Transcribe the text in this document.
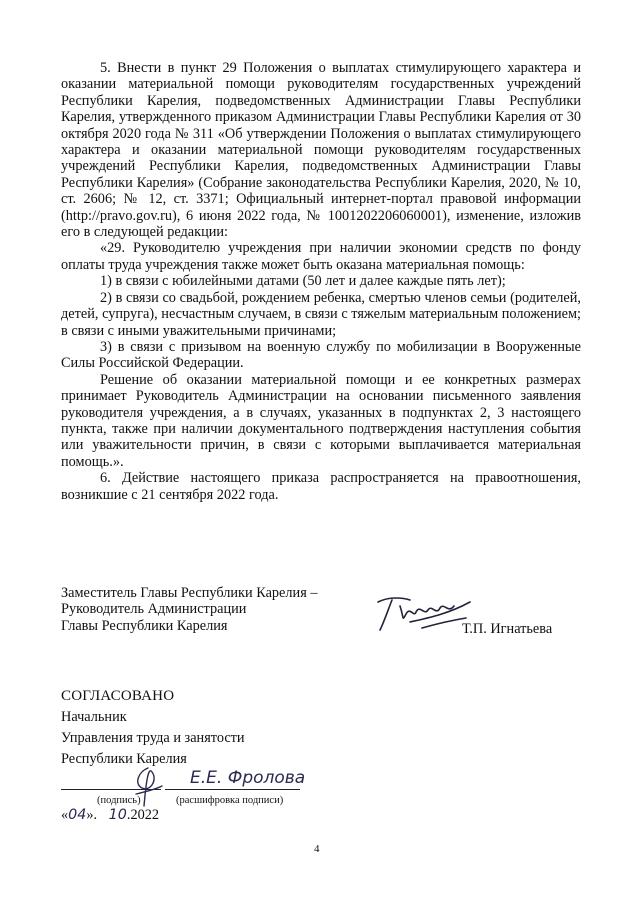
5. Внести в пункт 29 Положения о выплатах стимулирующего характера и оказании материальной помощи руководителям государственных учреждений Республики Карелия, подведомственных Администрации Главы Республики Карелия, утвержденного приказом Администрации Главы Республики Карелия от 30 октября 2020 года № 311 «Об утверждении Положения о выплатах стимулирующего характера и оказании материальной помощи руководителям государственных учреждений Республики Карелия, подведомственных Администрации Главы Республики Карелия» (Собрание законодательства Республики Карелия, 2020, № 10, ст. 2606; № 12, ст. 3371; Официальный интернет-портал правовой информации (http://pravo.gov.ru), 6 июня 2022 года, № 1001202206060001), изменение, изложив его в следующей редакции:

«29. Руководителю учреждения при наличии экономии средств по фонду оплаты труда учреждения также может быть оказана материальная помощь:

1) в связи с юбилейными датами (50 лет и далее каждые пять лет);

2) в связи со свадьбой, рождением ребенка, смертью членов семьи (родителей, детей, супруга), несчастным случаем, в связи с тяжелым материальным положением; в связи с иными уважительными причинами;

3) в связи с призывом на военную службу по мобилизации в Вооруженные Силы Российской Федерации.

Решение об оказании материальной помощи и ее конкретных размерах принимает Руководитель Администрации на основании письменного заявления руководителя учреждения, а в случаях, указанных в подпунктах 2, 3 настоящего пункта, также при наличии документального подтверждения наступления события или уважительности причин, в связи с которыми выплачивается материальная помощь.».

6. Действие настоящего приказа распространяется на правоотношения, возникшие с 21 сентября 2022 года.

Заместитель Главы Республики Карелия –
Руководитель Администрации
Главы Республики Карелия	Т.П. Игнатьева
СОГЛАСОВАНО
Начальник
Управления труда и занятости
Республики Карелия
Е.Е. Фролова
(подпись)	(расшифровка подписи)
«04». 10.2022
4
